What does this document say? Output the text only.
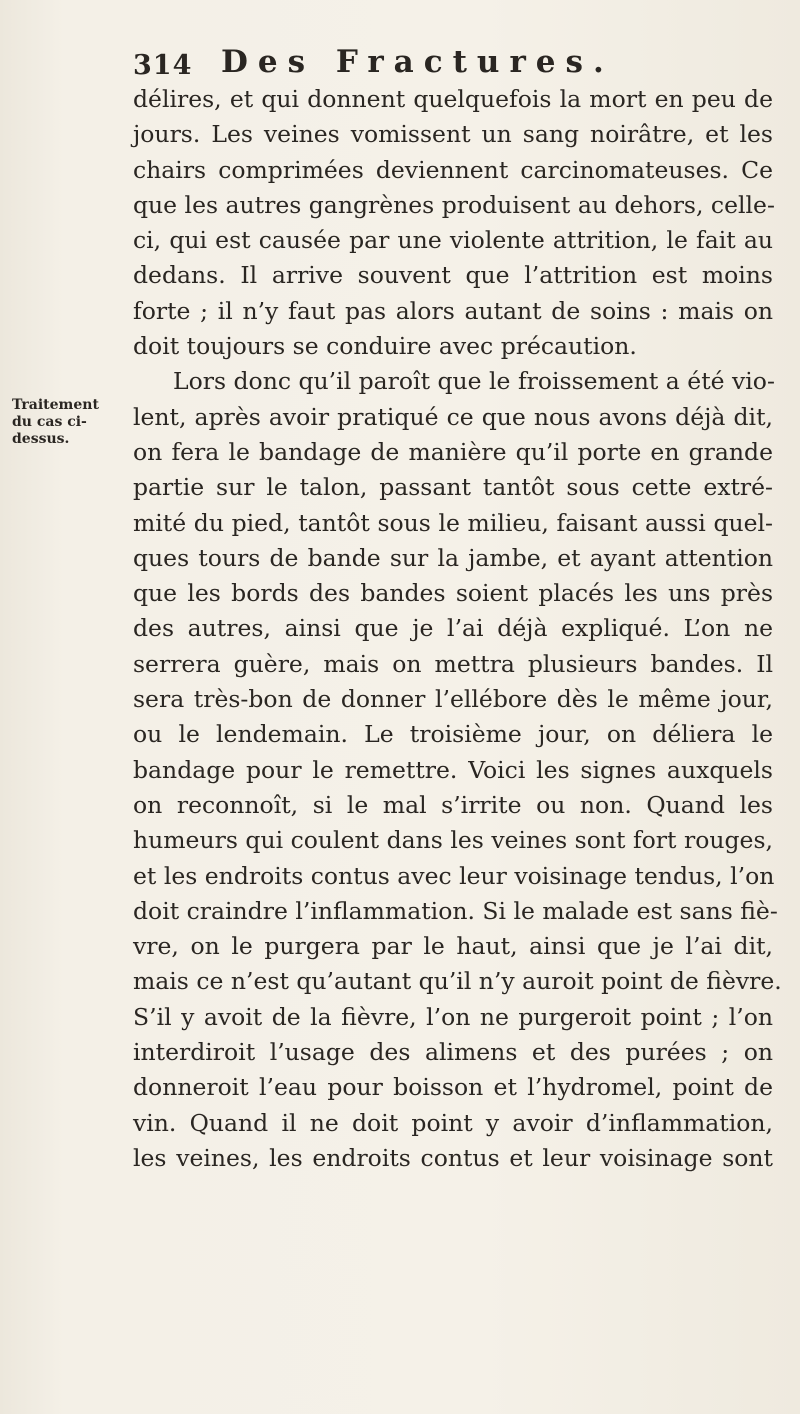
314 Des Fractures.
Traitement
du cas ci-
dessus.
délires, et qui donnent quelquefois la mort en peu de
jours. Les veines vomissent un sang noirâtre, et les
chairs comprimées deviennent carcinomateuses. Ce
que les autres gangrènes produisent au dehors, celle-
ci, qui est causée par une violente attrition, le fait au
dedans. Il arrive souvent que l’attrition est moins
forte ; il n’y faut pas alors autant de soins : mais on
doit toujours se conduire avec précaution.
Lors donc qu’il paroît que le froissement a été vio-
lent, après avoir pratiqué ce que nous avons déjà dit,
on fera le bandage de manière qu’il porte en grande
partie sur le talon, passant tantôt sous cette extré-
mité du pied, tantôt sous le milieu, faisant aussi quel-
ques tours de bande sur la jambe, et ayant attention
que les bords des bandes soient placés les uns près
des autres, ainsi que je l’ai déjà expliqué. L’on ne
serrera guère, mais on mettra plusieurs bandes. Il
sera très-bon de donner l’ellébore dès le même jour,
ou le lendemain. Le troisième jour, on déliera le
bandage pour le remettre. Voici les signes auxquels
on reconnoît, si le mal s’irrite ou non. Quand les
humeurs qui coulent dans les veines sont fort rouges,
et les endroits contus avec leur voisinage tendus, l’on
doit craindre l’inflammation. Si le malade est sans fiè-
vre, on le purgera par le haut, ainsi que je l’ai dit,
mais ce n’est qu’autant qu’il n’y auroit point de fièvre.
S’il y avoit de la fièvre, l’on ne purgeroit point ; l’on
interdiroit l’usage des alimens et des purées ; on
donneroit l’eau pour boisson et l’hydromel, point de
vin. Quand il ne doit point y avoir d’inflammation,
les veines, les endroits contus et leur voisinage sont
